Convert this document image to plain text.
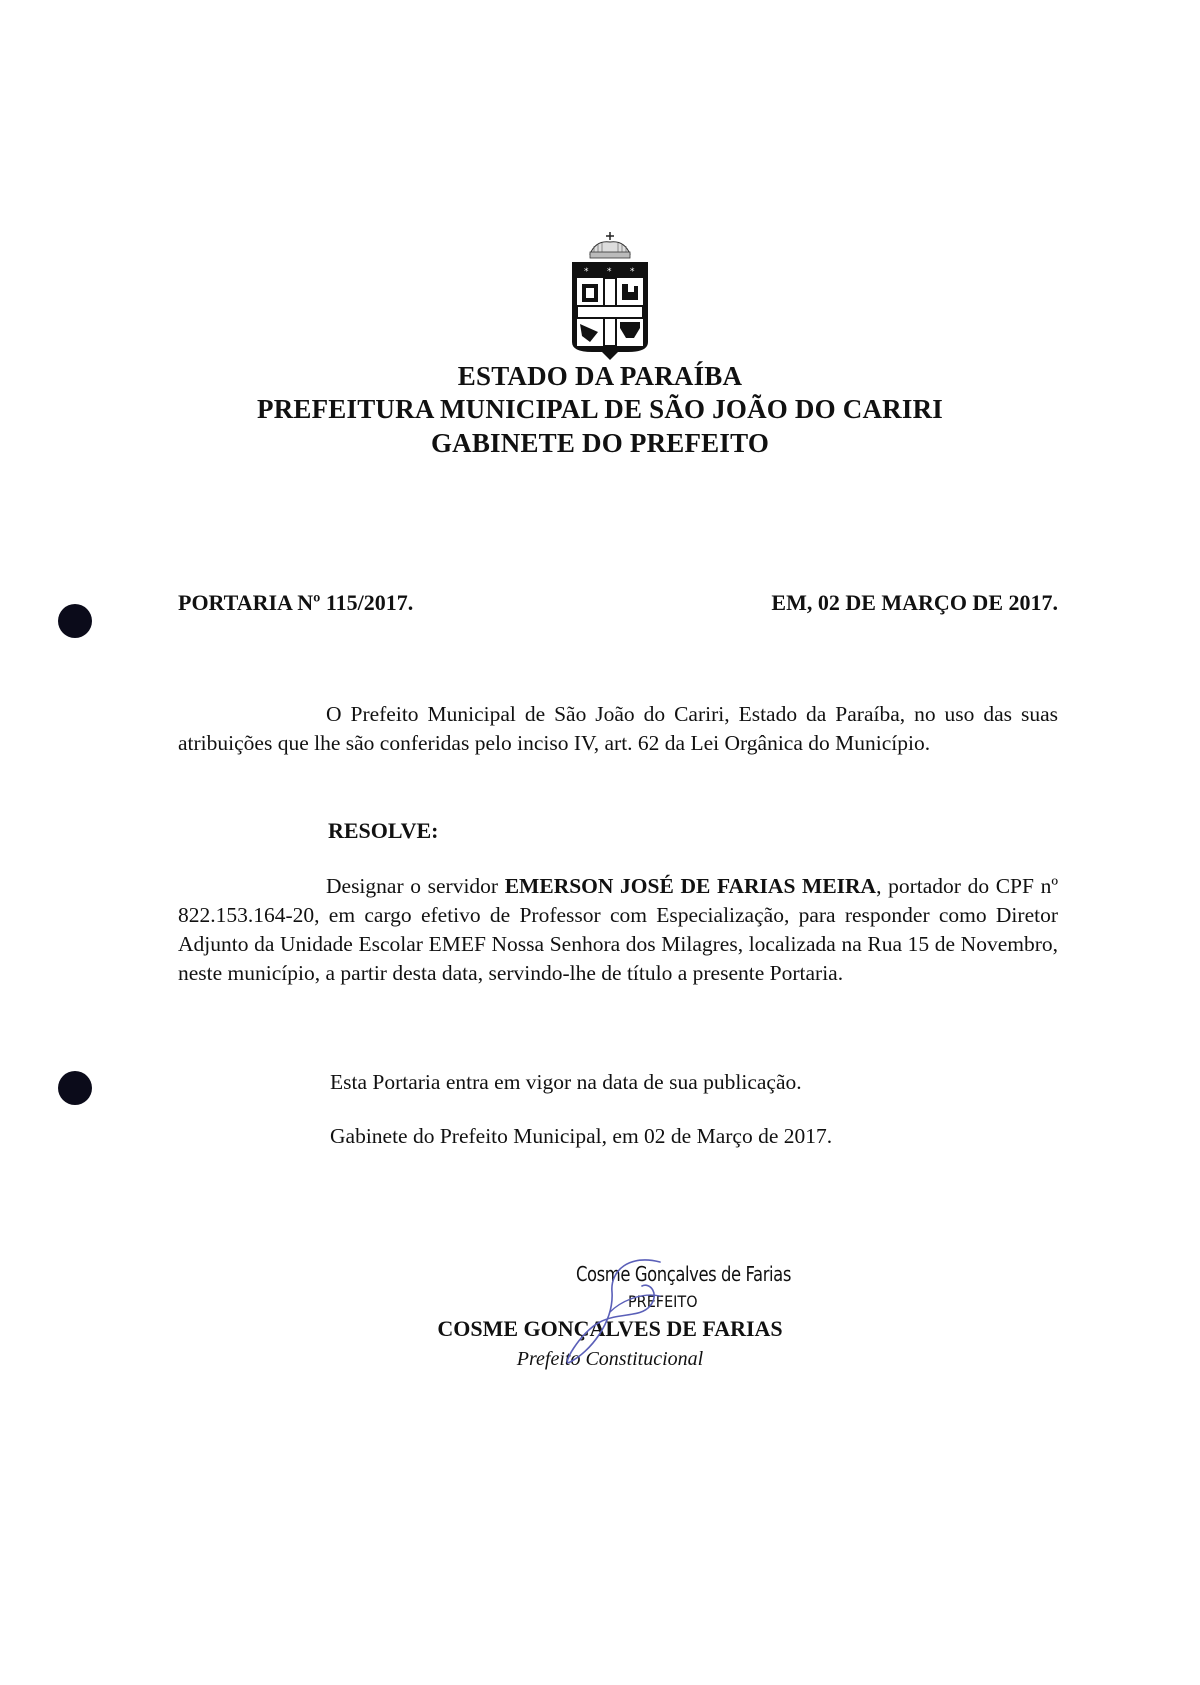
* * *
ESTADO DA PARAÍBA
PREFEITURA MUNICIPAL DE SÃO JOÃO DO CARIRI
GABINETE DO PREFEITO
PORTARIA Nº 115/2017.	EM, 02 DE MARÇO DE 2017.
O Prefeito Municipal de São João do Cariri, Estado da Paraíba, no uso das suas atribuições que lhe são conferidas pelo inciso IV, art. 62 da Lei Orgânica do Município.
RESOLVE:
Designar o servidor EMERSON JOSÉ DE FARIAS MEIRA, portador do CPF nº 822.153.164-20, em cargo efetivo de Professor com Especialização, para responder como Diretor Adjunto da Unidade Escolar EMEF Nossa Senhora dos Milagres, localizada na Rua 15 de Novembro, neste município, a partir desta data, servindo-lhe de título a presente Portaria.
Esta Portaria entra em vigor na data de sua publicação.
Gabinete do Prefeito Municipal, em 02 de Março de 2017.
Cosme Gonçalves de Farias
PREFEITO
COSME GONÇALVES DE FARIAS
Prefeito Constitucional
